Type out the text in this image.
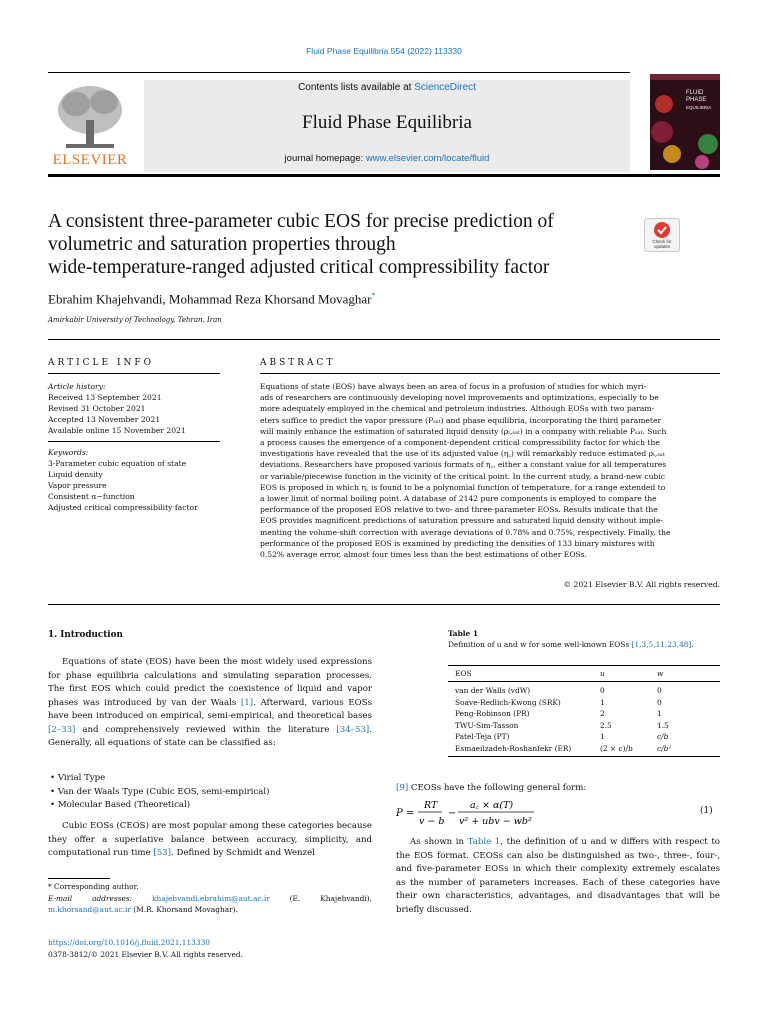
Fluid Phase Equilibria 554 (2022) 113330
ELSEVIER
Contents lists available at ScienceDirect
Fluid Phase Equilibria
journal homepage: www.elsevier.com/locate/fluid
FLUID
PHASE
EQUILIBRIA
A consistent three-parameter cubic EOS for precise prediction of
volumetric and saturation properties through
wide-temperature-ranged adjusted critical compressibility factor
Check for
updates
Ebrahim Khajehvandi, Mohammad Reza Khorsand Movaghar*
Amirkabir University of Technology, Tehran, Iran
ARTICLE INFO	ABSTRACT
Article history:
Received 13 September 2021
Revised 31 October 2021
Accepted 13 November 2021
Available online 15 November 2021
Keywords:
3-Parameter cubic equation of state
Liquid density
Vapor pressure
Consistent α−function
Adjusted critical compressibility factor
Equations of state (EOS) have always been an area of focus in a profusion of studies for which myri-
ads of researchers are continuously developing novel improvements and optimizations, especially to be
more adequately employed in the chemical and petroleum industries. Although EOSs with two param-
eters suffice to predict the vapor pressure (Pₛₐₜ) and phase equilibria, incorporating the third parameter
will mainly enhance the estimation of saturated liquid density (ρₗ,ₛₐₜ) in a company with reliable Pₛₐₜ. Such
a process causes the emergence of a component-dependent critical compressibility factor for which the
investigations have revealed that the use of its adjusted value (η꜀) will remarkably reduce estimated ρₗ,ₛₐₜ
deviations. Researchers have proposed various formats of η꜀, either a constant value for all temperatures
or variable/piecewise function in the vicinity of the critical point. In the current study, a brand-new cubic
EOS is proposed in which η꜀ is found to be a polynomial function of temperature, for a range extended to
a lower limit of normal boiling point. A database of 2142 pure components is employed to compare the
performance of the proposed EOS relative to two- and three-parameter EOSs. Results indicate that the
EOS provides magnificent predictions of saturation pressure and saturated liquid density without imple-
menting the volume-shift correction with average deviations of 0.78% and 0.75%, respectively. Finally, the
performance of the proposed EOS is examined by predicting the densities of 133 binary mixtures with
0.52% average error, almost four times less than the best estimations of other EOSs.
© 2021 Elsevier B.V. All rights reserved.
1. Introduction
Equations of state (EOS) have been the most widely used expressions for phase equilibria calculations and simulating separation processes. The first EOS which could predict the coexistence of liquid and vapor phases was introduced by van der Waals [1]. Afterward, various EOSs have been introduced on empirical, semi-empirical, and theoretical bases [2–33] and comprehensively reviewed within the literature [34–53]. Generally, all equations of state can be classified as:
• Virial Type
• Van der Waals Type (Cubic EOS, semi-empirical)
• Molecular Based (Theoretical)
Cubic EOSs (CEOS) are most popular among these categories because they offer a superlative balance between accuracy, simplicity, and computational run time [53]. Defined by Schmidt and Wenzel
* Corresponding author.
E-mail addresses: khajehvandi.ebrahim@aut.ac.ir (E. Khajehvandi), m.khorsand@aut.ac.ir (M.R. Khorsand Movaghar).
https://doi.org/10.1016/j.fluid.2021.113330
0378-3812/© 2021 Elsevier B.V. All rights reserved.
Table 1
Definition of u and w for some well-known EOSs [1,3,5,11,23,48].
EOS	u	w
van der Walls (vdW)	0	0
Soave-Redlich-Kwong (SRK)	1	0
Peng-Robinson (PR)	2	1
TWU-Sim-Tasson	2.5	1.5
Patel-Teja (PT)	1	c/b
Esmaeilzadeh-Roshanfekr (ER)	(2 × c)/b	c/b²
[9] CEOSs have the following general form:
P =
RT
v − b
−
a꜀ × α(T)
v² + ubv − wb²
(1)
As shown in Table 1, the definition of u and w differs with respect to the EOS format. CEOSs can also be distinguished as two-, three-, four-, and five-parameter EOSs in which their complexity extremely escalates as the number of parameters increases. Each of these categories have their own characteristics, advantages, and disadvantages that will be briefly discussed.
